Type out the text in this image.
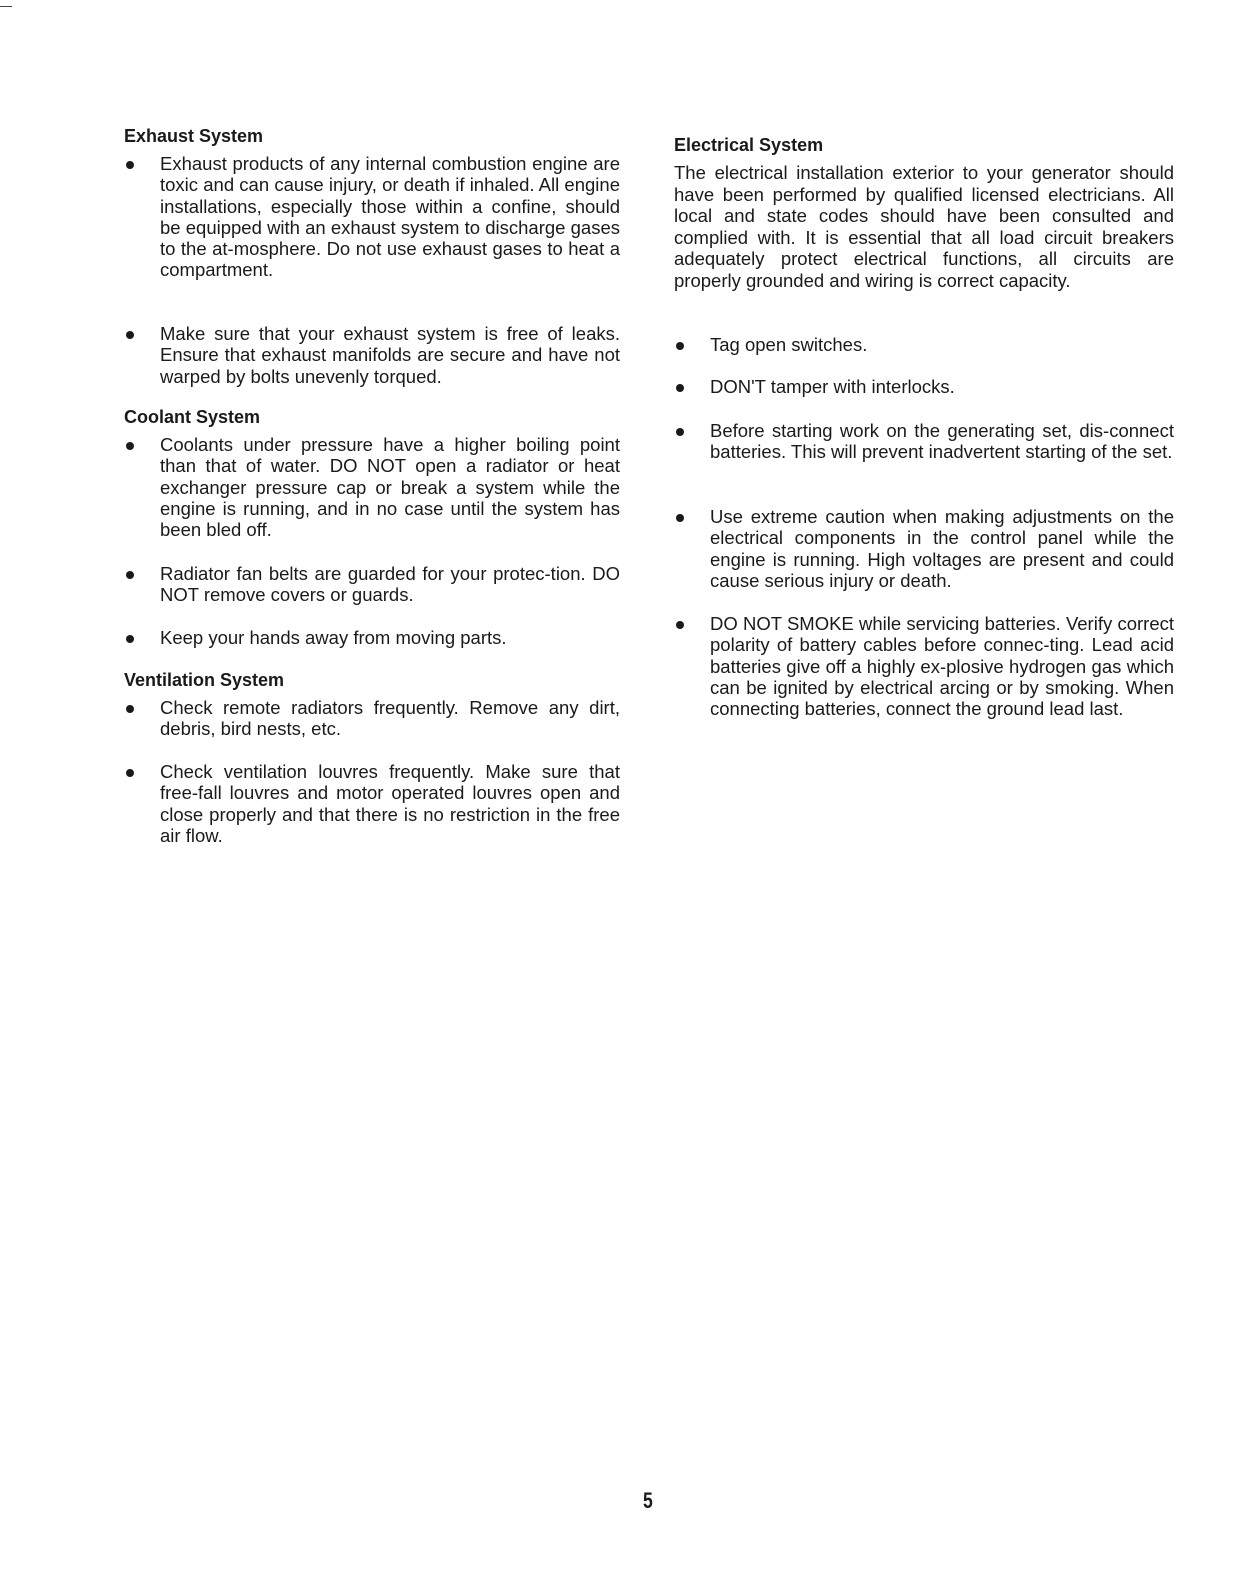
Exhaust System
Exhaust products of any internal combustion engine are toxic and can cause injury, or death if inhaled. All engine installations, especially those within a confine, should be equipped with an exhaust system to discharge gases to the at-mosphere. Do not use exhaust gases to heat a compartment.
Make sure that your exhaust system is free of leaks. Ensure that exhaust manifolds are secure and have not warped by bolts unevenly torqued.
Coolant System
Coolants under pressure have a higher boiling point than that of water. DO NOT open a radiator or heat exchanger pressure cap or break a system while the engine is running, and in no case until the system has been bled off.
Radiator fan belts are guarded for your protec-tion. DO NOT remove covers or guards.
Keep your hands away from moving parts.
Ventilation System
Check remote radiators frequently. Remove any dirt, debris, bird nests, etc.
Check ventilation louvres frequently. Make sure that free-fall louvres and motor operated louvres open and close properly and that there is no restriction in the free air flow.
Electrical System

The electrical installation exterior to your generator should have been performed by qualified licensed electricians. All local and state codes should have been consulted and complied with. It is essential that all load circuit breakers adequately protect electrical functions, all circuits are properly grounded and wiring is correct capacity.

Tag open switches.
DON'T tamper with interlocks.
Before starting work on the generating set, dis-connect batteries. This will prevent inadvertent starting of the set.
Use extreme caution when making adjustments on the electrical components in the control panel while the engine is running. High voltages are present and could cause serious injury or death.
DO NOT SMOKE while servicing batteries. Verify correct polarity of battery cables before connec-ting. Lead acid batteries give off a highly ex-plosive hydrogen gas which can be ignited by electrical arcing or by smoking. When connecting batteries, connect the ground lead last.
5
